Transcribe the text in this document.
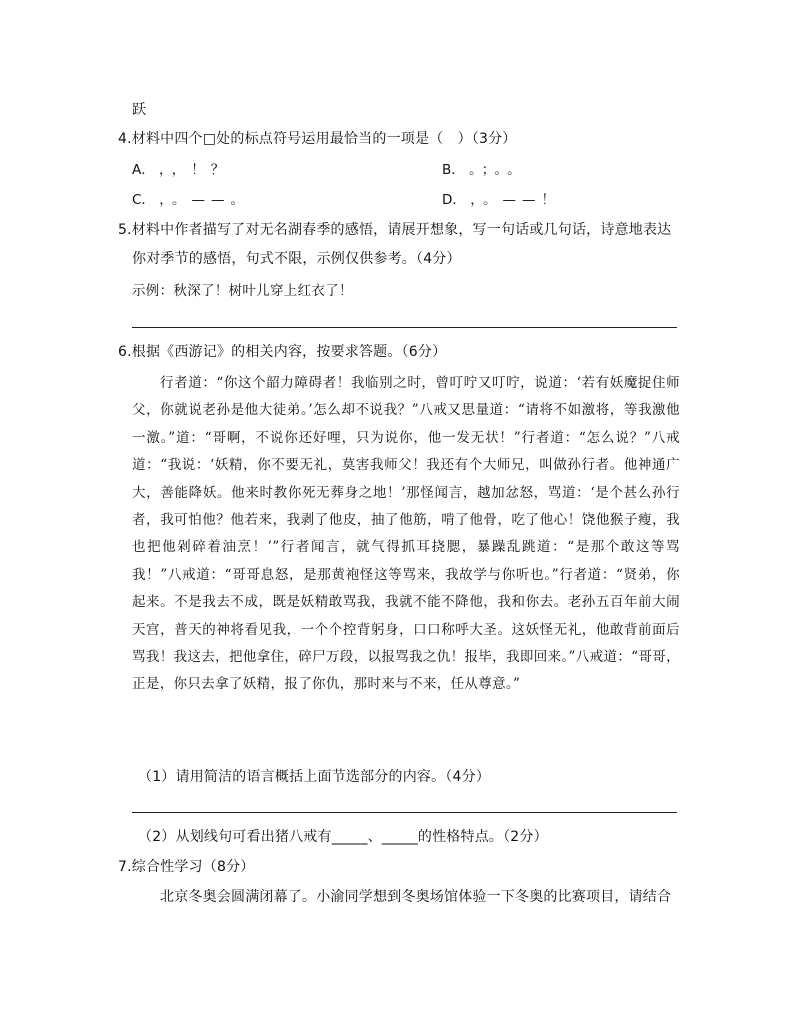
跃
4.材料中四个□处的标点符号运用最恰当的一项是（　）（3分）
A． ，，！？	B． 。；。。
C． ，。——。	D． ，。——！
5.材料中作者描写了对无名湖春季的感悟，请展开想象，写一句话或几句话，诗意地表达
你对季节的感悟，句式不限，示例仅供参考。（4分）
示例：秋深了！树叶儿穿上红衣了！
6.根据《西游记》的相关内容，按要求答题。（6分）

行者道：“你这个韶力障碍者！我临别之时，曾叮咛又叮咛，说道：‘若有妖魔捉住师父，你就说老孙是他大徒弟。’怎么却不说我？”八戒又思量道：“请将不如激将，等我激他一激。”道：“哥啊，不说你还好哩，只为说你，他一发无状！”行者道：“怎么说？”八戒道：“我说：‘妖精，你不要无礼，莫害我师父！我还有个大师兄，叫做孙行者。他神通广大，善能降妖。他来时教你死无葬身之地！’那怪闻言，越加忿怒，骂道：‘是个甚么孙行者，我可怕他？他若来，我剥了他皮，抽了他筋，啃了他骨，吃了他心！饶他猴子瘦，我也把他剁碎着油烹！’”行者闻言，就气得抓耳挠腮，暴躁乱跳道：“是那个敢这等骂我！”八戒道：“哥哥息怒，是那黄袍怪这等骂来，我故学与你听也。”行者道：“贤弟，你起来。不是我去不成，既是妖精敢骂我，我就不能不降他，我和你去。老孙五百年前大闹天宫，普天的神将看见我，一个个控背躬身，口口称呼大圣。这妖怪无礼，他敢背前面后骂我！我这去，把他拿住，碎尸万段，以报骂我之仇！报毕，我即回来。”八戒道：“哥哥，正是，你只去拿了妖精，报了你仇，那时来与不来，任从尊意。”

（1）请用简洁的语言概括上面节选部分的内容。（4分）
（2）从划线句可看出猪八戒有_____、_____的性格特点。（2分）
7.综合性学习（8分）
北京冬奥会圆满闭幕了。小渝同学想到冬奥场馆体验一下冬奥的比赛项目，请结合
